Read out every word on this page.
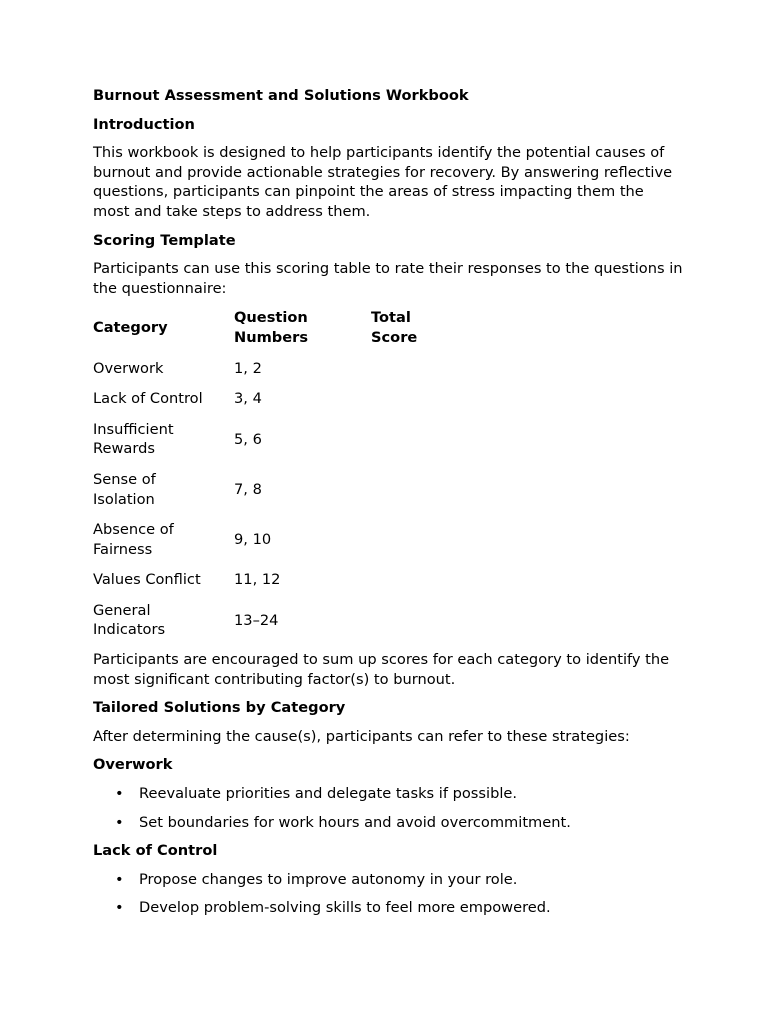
Burnout Assessment and Solutions Workbook
Introduction

This workbook is designed to help participants identify the potential causes of burnout and provide actionable strategies for recovery. By answering reflective questions, participants can pinpoint the areas of stress impacting them the most and take steps to address them.

Scoring Template

Participants can use this scoring table to rate their responses to the questions in the questionnaire:

Category	Question Numbers	Total Score
Overwork	1, 2	
Lack of Control	3, 4	
Insufficient Rewards	5, 6	
Sense of Isolation	7, 8	
Absence of Fairness	9, 10	
Values Conflict	11, 12	
General Indicators	13–24	

Participants are encouraged to sum up scores for each category to identify the most significant contributing factor(s) to burnout.

Tailored Solutions by Category

After determining the cause(s), participants can refer to these strategies:

Overwork
• Reevaluate priorities and delegate tasks if possible.
• Set boundaries for work hours and avoid overcommitment.
Lack of Control
• Propose changes to improve autonomy in your role.
• Develop problem-solving skills to feel more empowered.
